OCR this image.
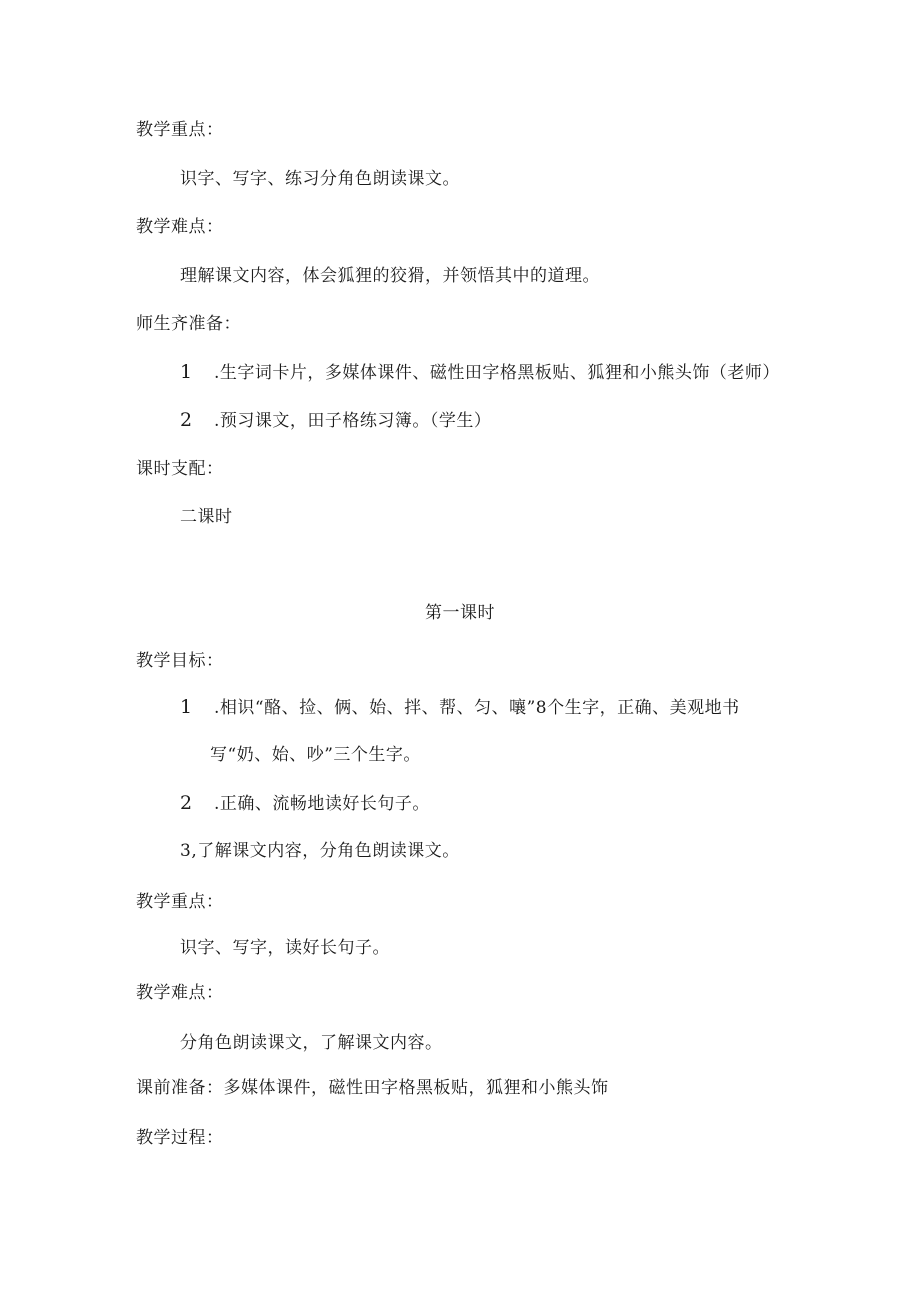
教学重点：
识字、写字、练习分角色朗读课文。
教学难点：
理解课文内容，体会狐狸的狡猾，并领悟其中的道理。
师生齐准备：
1 .生字词卡片，多媒体课件、磁性田字格黑板贴、狐狸和小熊头饰（老师）
2 .预习课文，田子格练习簿。（学生）
课时支配：
二课时
第一课时
教学目标：
1 .相识“酪、捡、俩、始、拌、帮、匀、嚷”8个生字，正确、美观地书
写“奶、始、吵”三个生字。
2 .正确、流畅地读好长句子。
3,了解课文内容，分角色朗读课文。
教学重点：
识字、写字，读好长句子。
教学难点：
分角色朗读课文，了解课文内容。
课前准备：多媒体课件，磁性田字格黑板贴，狐狸和小熊头饰
教学过程：
